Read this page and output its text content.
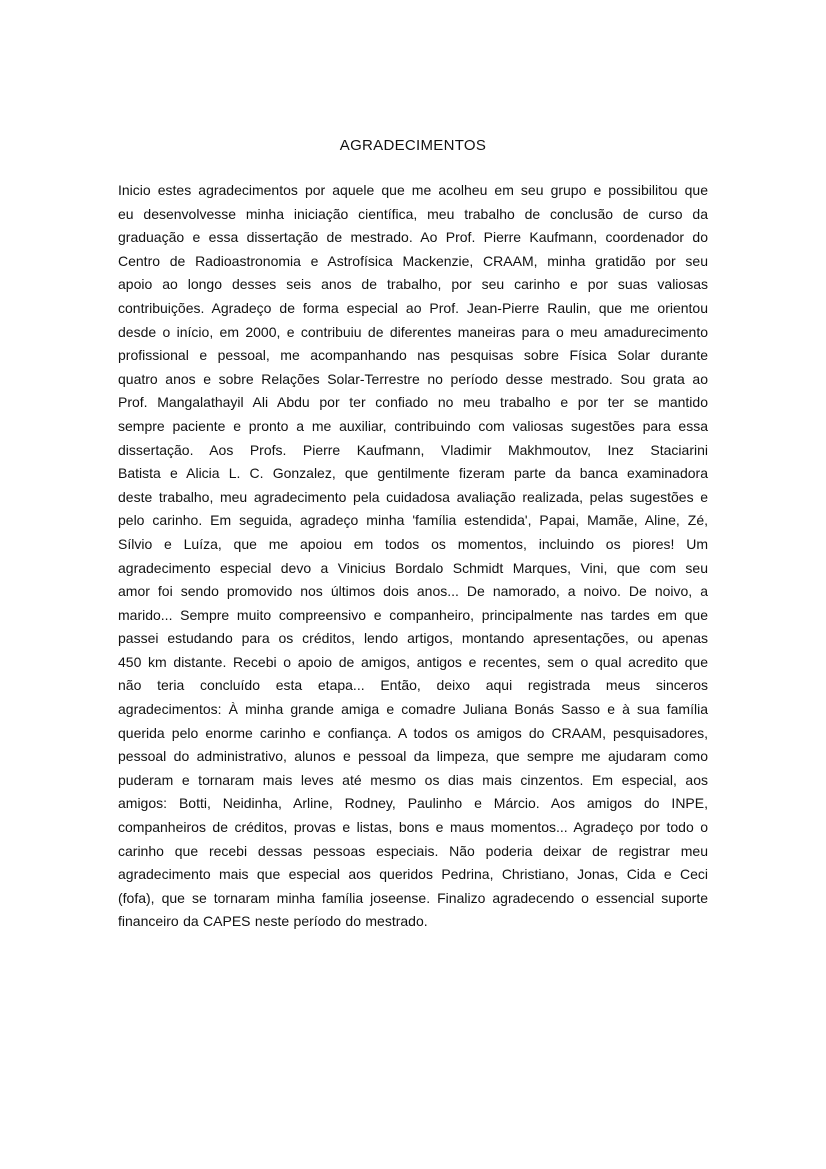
AGRADECIMENTOS
Inicio estes agradecimentos por aquele que me acolheu em seu grupo e possibilitou que
eu desenvolvesse minha iniciação científica, meu trabalho de conclusão de curso da
graduação e essa dissertação de mestrado. Ao Prof. Pierre Kaufmann, coordenador do
Centro de Radioastronomia e Astrofísica Mackenzie, CRAAM, minha gratidão por seu
apoio ao longo desses seis anos de trabalho, por seu carinho e por suas valiosas
contribuições. Agradeço de forma especial ao Prof. Jean-Pierre Raulin, que me orientou
desde o início, em 2000, e contribuiu de diferentes maneiras para o meu amadurecimento
profissional e pessoal, me acompanhando nas pesquisas sobre Física Solar durante
quatro anos e sobre Relações Solar-Terrestre no período desse mestrado. Sou grata ao
Prof. Mangalathayil Ali Abdu por ter confiado no meu trabalho e por ter se mantido
sempre paciente e pronto a me auxiliar, contribuindo com valiosas sugestões para essa
dissertação. Aos Profs. Pierre Kaufmann, Vladimir Makhmoutov, Inez Staciarini
Batista e Alicia L. C. Gonzalez, que gentilmente fizeram parte da banca examinadora
deste trabalho, meu agradecimento pela cuidadosa avaliação realizada, pelas sugestões e
pelo carinho. Em seguida, agradeço minha 'família estendida', Papai, Mamãe, Aline, Zé,
Sílvio e Luíza, que me apoiou em todos os momentos, incluindo os piores! Um
agradecimento especial devo a Vinicius Bordalo Schmidt Marques, Vini, que com seu
amor foi sendo promovido nos últimos dois anos... De namorado, a noivo. De noivo, a
marido... Sempre muito compreensivo e companheiro, principalmente nas tardes em que
passei estudando para os créditos, lendo artigos, montando apresentações, ou apenas
450 km distante. Recebi o apoio de amigos, antigos e recentes, sem o qual acredito que
não teria concluído esta etapa... Então, deixo aqui registrada meus sinceros
agradecimentos: À minha grande amiga e comadre Juliana Bonás Sasso e à sua família
querida pelo enorme carinho e confiança. A todos os amigos do CRAAM, pesquisadores,
pessoal do administrativo, alunos e pessoal da limpeza, que sempre me ajudaram como
puderam e tornaram mais leves até mesmo os dias mais cinzentos. Em especial, aos
amigos: Botti, Neidinha, Arline, Rodney, Paulinho e Márcio. Aos amigos do INPE,
companheiros de créditos, provas e listas, bons e maus momentos... Agradeço por todo o
carinho que recebi dessas pessoas especiais. Não poderia deixar de registrar meu
agradecimento mais que especial aos queridos Pedrina, Christiano, Jonas, Cida e Ceci
(fofa), que se tornaram minha família joseense. Finalizo agradecendo o essencial suporte
financeiro da CAPES neste período do mestrado.
